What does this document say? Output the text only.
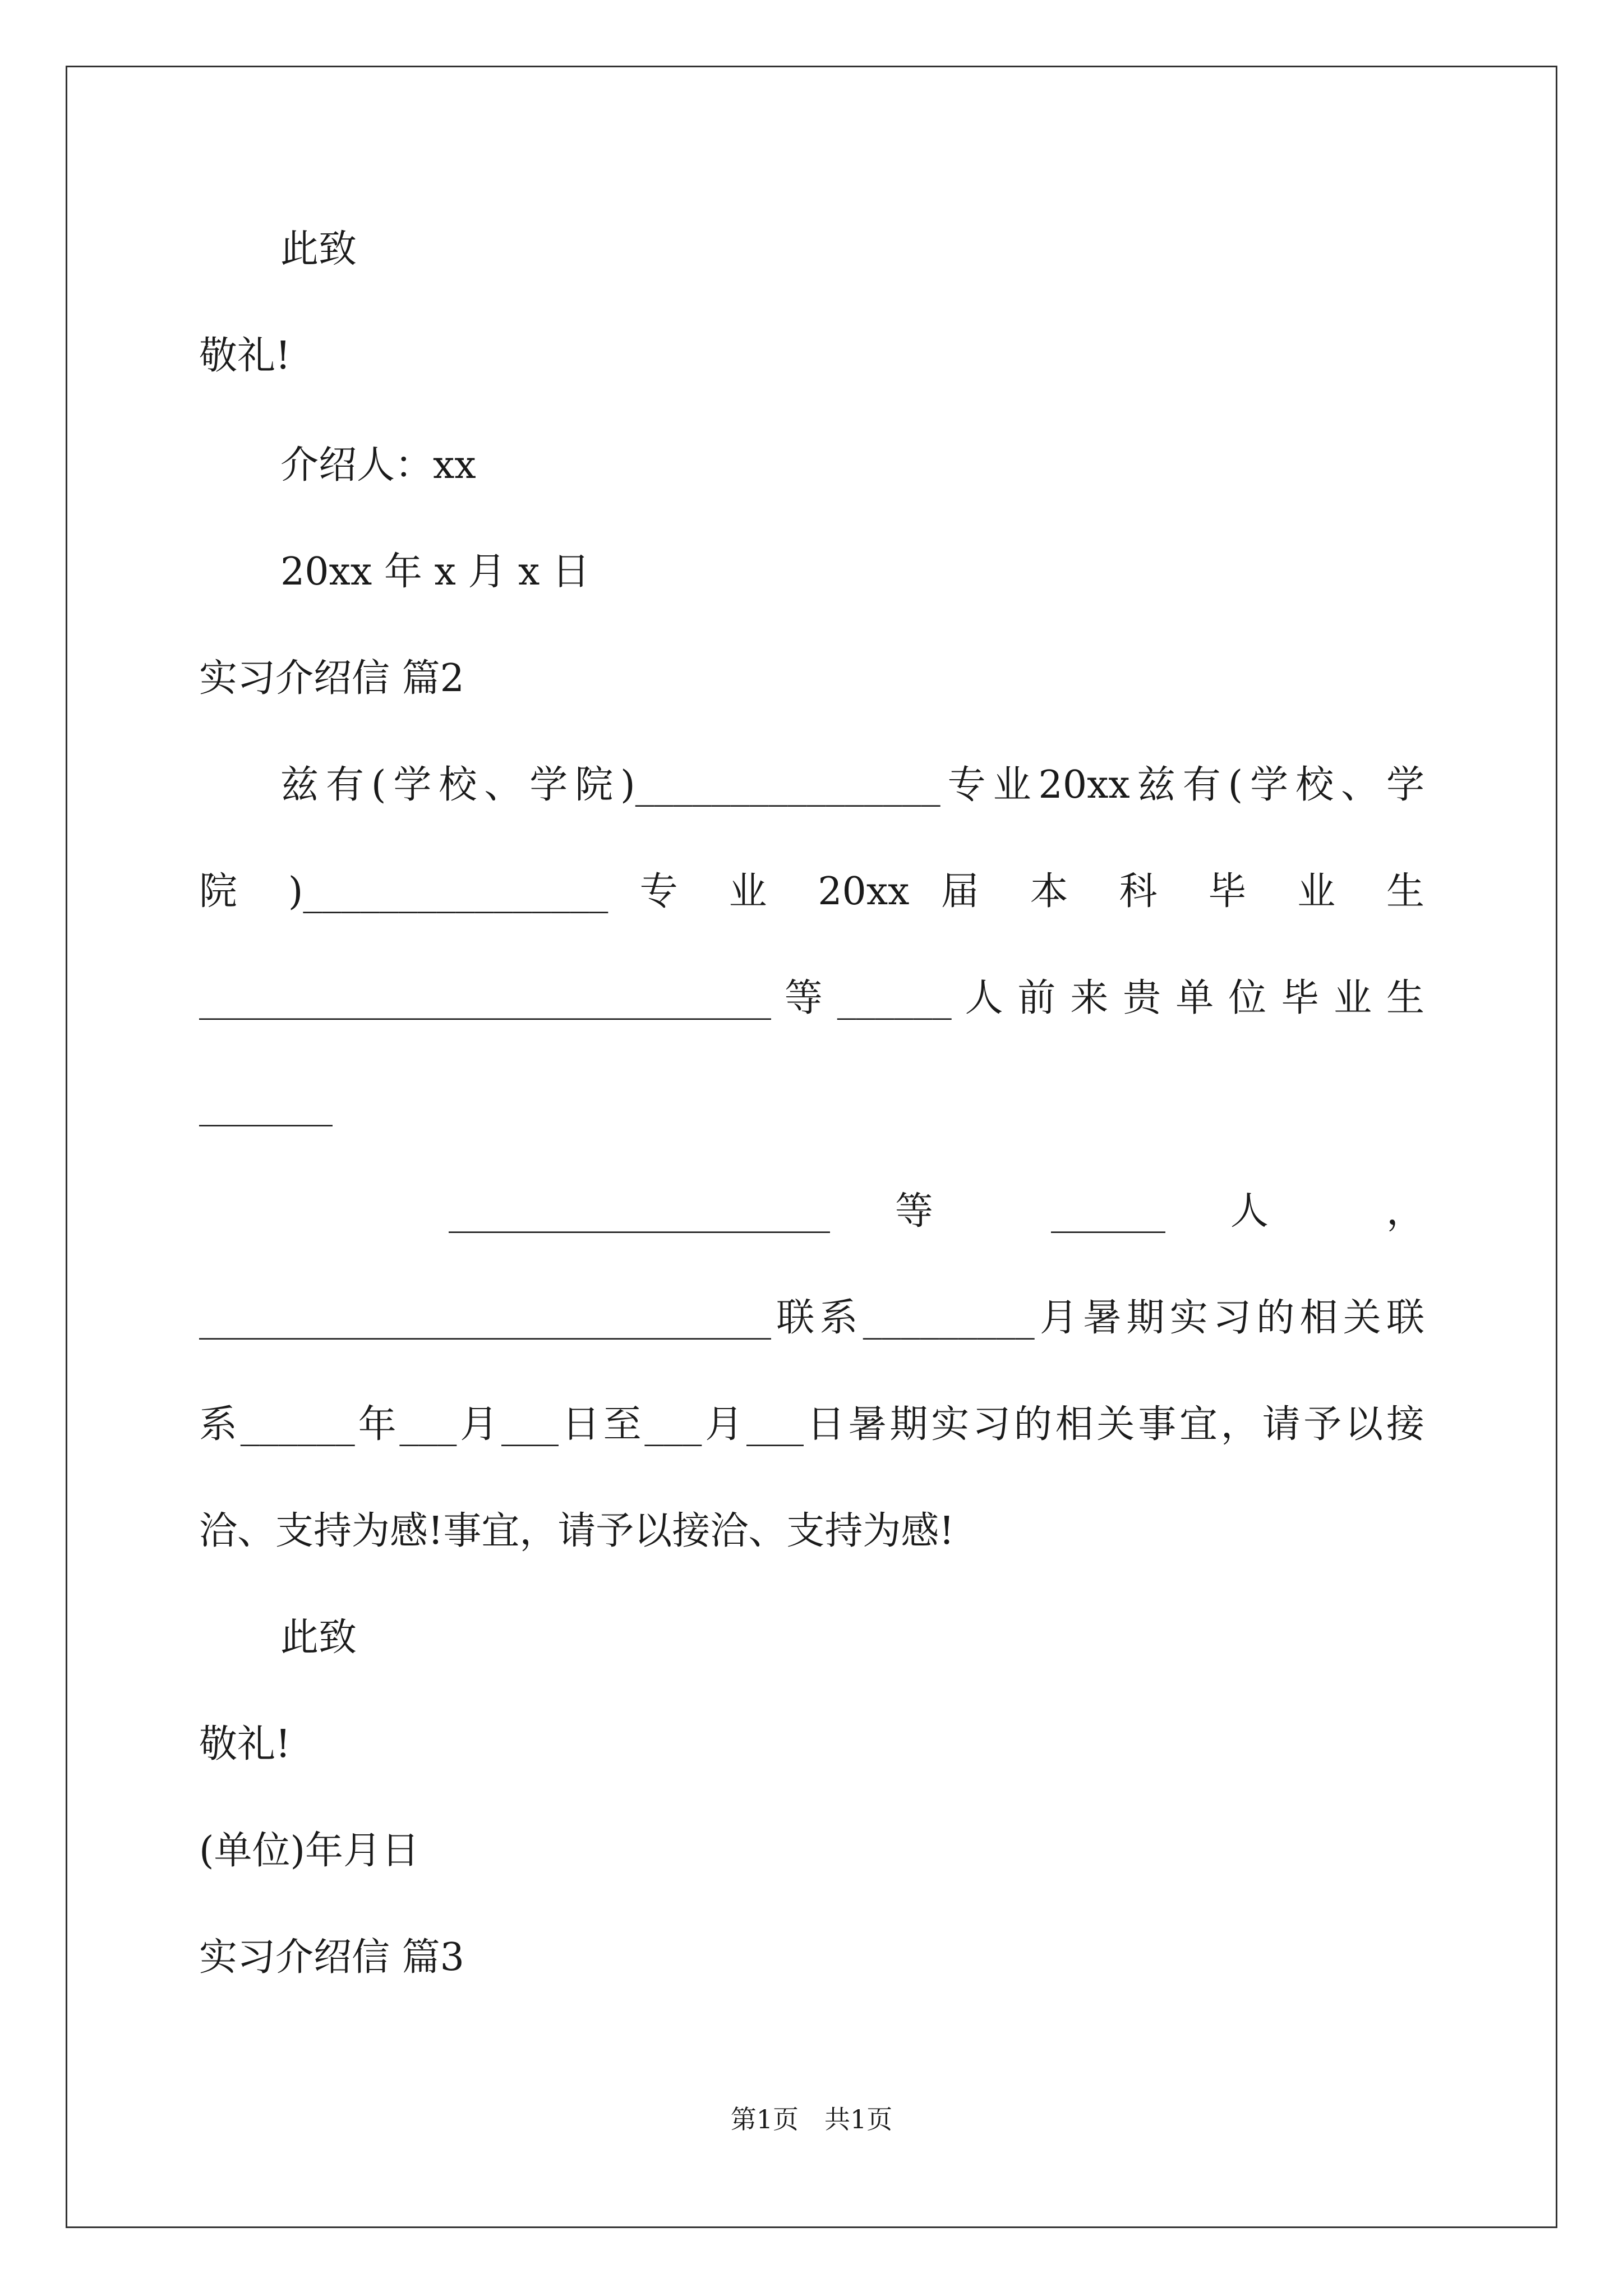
此致
敬礼!
介绍人：xx
20xx 年 x 月 x 日
实习介绍信 篇2
兹有(学校、学院)________________专业20xx兹有(学校、学
院 )________________ 专 业 20xx 届 本 科 毕 业 生
______________________________ 等 ______ 人 前 来 贵 单 位 毕 业 生
_______
____________________ 等 ______ 人 ，
______________________________联系_________月暑期实习的相关联
系______年___月___日至___月___日暑期实习的相关事宜，请予以接
洽、支持为感!事宜，请予以接洽、支持为感!
此致
敬礼!
(单位)年月日
实习介绍信 篇3
第1页　共1页
